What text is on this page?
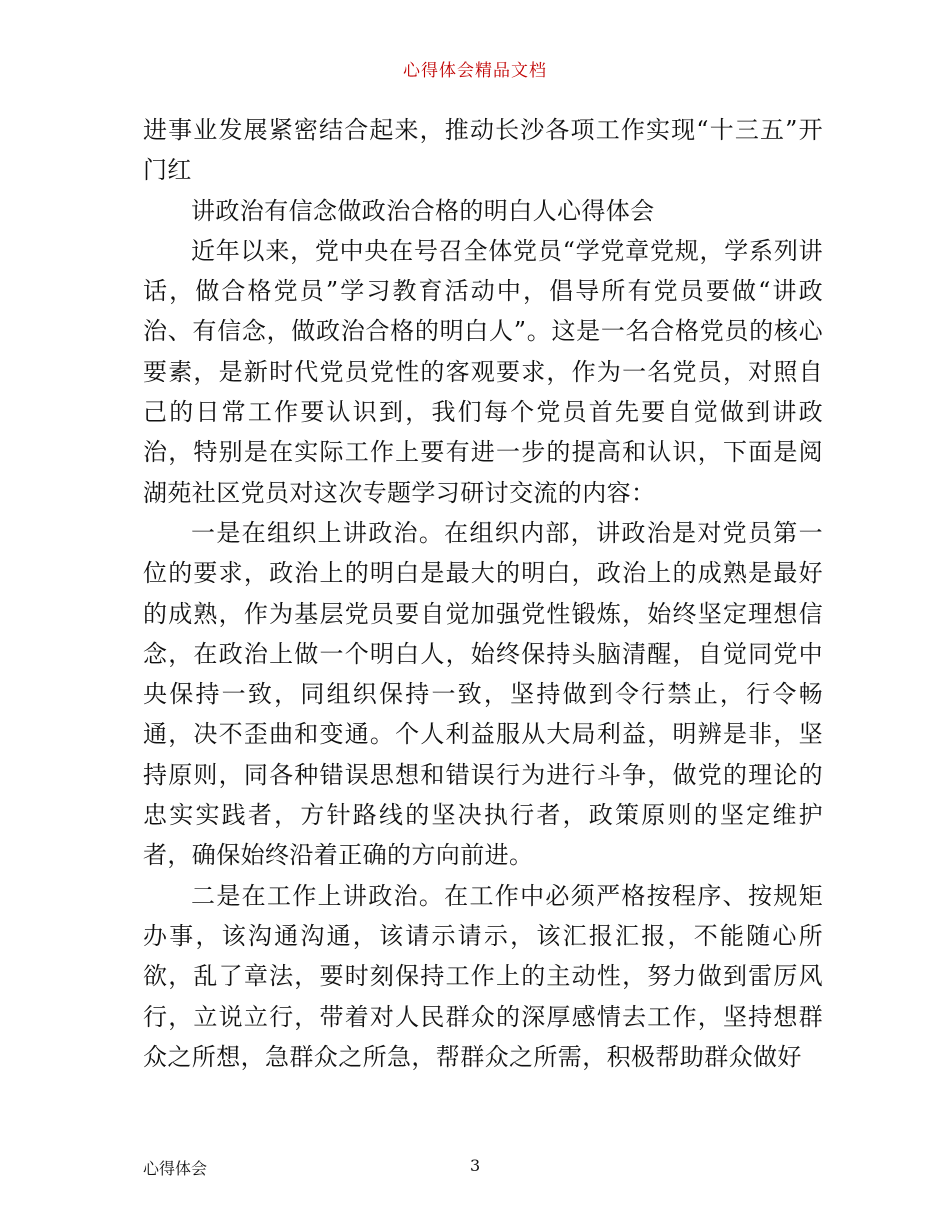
心得体会精品文档

进事业发展紧密结合起来，推动长沙各项工作实现“十三五”开门红

讲政治有信念做政治合格的明白人心得体会

近年以来，党中央在号召全体党员“学党章党规，学系列讲话，做合格党员”学习教育活动中，倡导所有党员要做“讲政治、有信念，做政治合格的明白人”。这是一名合格党员的核心要素，是新时代党员党性的客观要求，作为一名党员，对照自己的日常工作要认识到，我们每个党员首先要自觉做到讲政治，特别是在实际工作上要有进一步的提高和认识，下面是阅湖苑社区党员对这次专题学习研讨交流的内容：

一是在组织上讲政治。在组织内部，讲政治是对党员第一位的要求，政治上的明白是最大的明白，政治上的成熟是最好的成熟，作为基层党员要自觉加强党性锻炼，始终坚定理想信念，在政治上做一个明白人，始终保持头脑清醒，自觉同党中央保持一致，同组织保持一致，坚持做到令行禁止，行令畅通，决不歪曲和变通。个人利益服从大局利益，明辨是非，坚持原则，同各种错误思想和错误行为进行斗争，做党的理论的忠实实践者，方针路线的坚决执行者，政策原则的坚定维护者，确保始终沿着正确的方向前进。

二是在工作上讲政治。在工作中必须严格按程序、按规矩办事，该沟通沟通，该请示请示，该汇报汇报，不能随心所欲，乱了章法，要时刻保持工作上的主动性，努力做到雷厉风行，立说立行，带着对人民群众的深厚感情去工作，坚持想群众之所想，急群众之所急，帮群众之所需，积极帮助群众做好

心得体会	3
